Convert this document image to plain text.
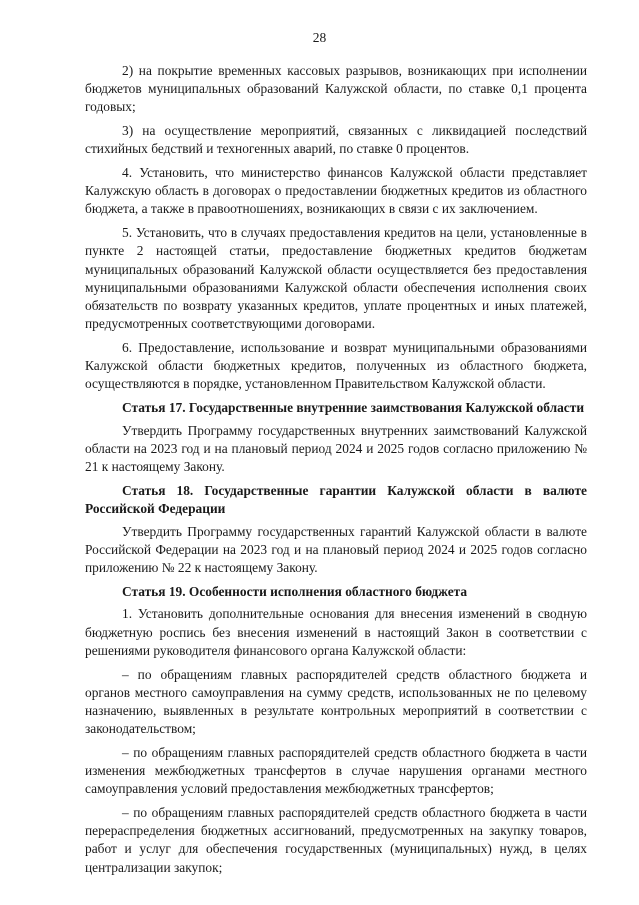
28

2) на покрытие временных кассовых разрывов, возникающих при исполнении бюджетов муниципальных образований Калужской области, по ставке 0,1 процента годовых;

3) на осуществление мероприятий, связанных с ликвидацией последствий стихийных бедствий и техногенных аварий, по ставке 0 процентов.

4. Установить, что министерство финансов Калужской области представляет Калужскую область в договорах о предоставлении бюджетных кредитов из областного бюджета, а также в правоотношениях, возникающих в связи с их заключением.

5. Установить, что в случаях предоставления кредитов на цели, установленные в пункте 2 настоящей статьи, предоставление бюджетных кредитов бюджетам муниципальных образований Калужской области осуществляется без предоставления муниципальными образованиями Калужской области обеспечения исполнения своих обязательств по возврату указанных кредитов, уплате процентных и иных платежей, предусмотренных соответствующими договорами.

6. Предоставление, использование и возврат муниципальными образованиями Калужской области бюджетных кредитов, полученных из областного бюджета, осуществляются в порядке, установленном Правительством Калужской области.

Статья 17. Государственные внутренние заимствования Калужской области

Утвердить Программу государственных внутренних заимствований Калужской области на 2023 год и на плановый период 2024 и 2025 годов согласно приложению № 21 к настоящему Закону.

Статья 18. Государственные гарантии Калужской области в валюте Российской Федерации

Утвердить Программу государственных гарантий Калужской области в валюте Российской Федерации на 2023 год и на плановый период 2024 и 2025 годов согласно приложению № 22 к настоящему Закону.

Статья 19. Особенности исполнения областного бюджета

1. Установить дополнительные основания для внесения изменений в сводную бюджетную роспись без внесения изменений в настоящий Закон в соответствии с решениями руководителя финансового органа Калужской области:

– по обращениям главных распорядителей средств областного бюджета и органов местного самоуправления на сумму средств, использованных не по целевому назначению, выявленных в результате контрольных мероприятий в соответствии с законодательством;

– по обращениям главных распорядителей средств областного бюджета в части изменения межбюджетных трансфертов в случае нарушения органами местного самоуправления условий предоставления межбюджетных трансфертов;

– по обращениям главных распорядителей средств областного бюджета в части перераспределения бюджетных ассигнований, предусмотренных на закупку товаров, работ и услуг для обеспечения государственных (муниципальных) нужд, в целях централизации закупок;
